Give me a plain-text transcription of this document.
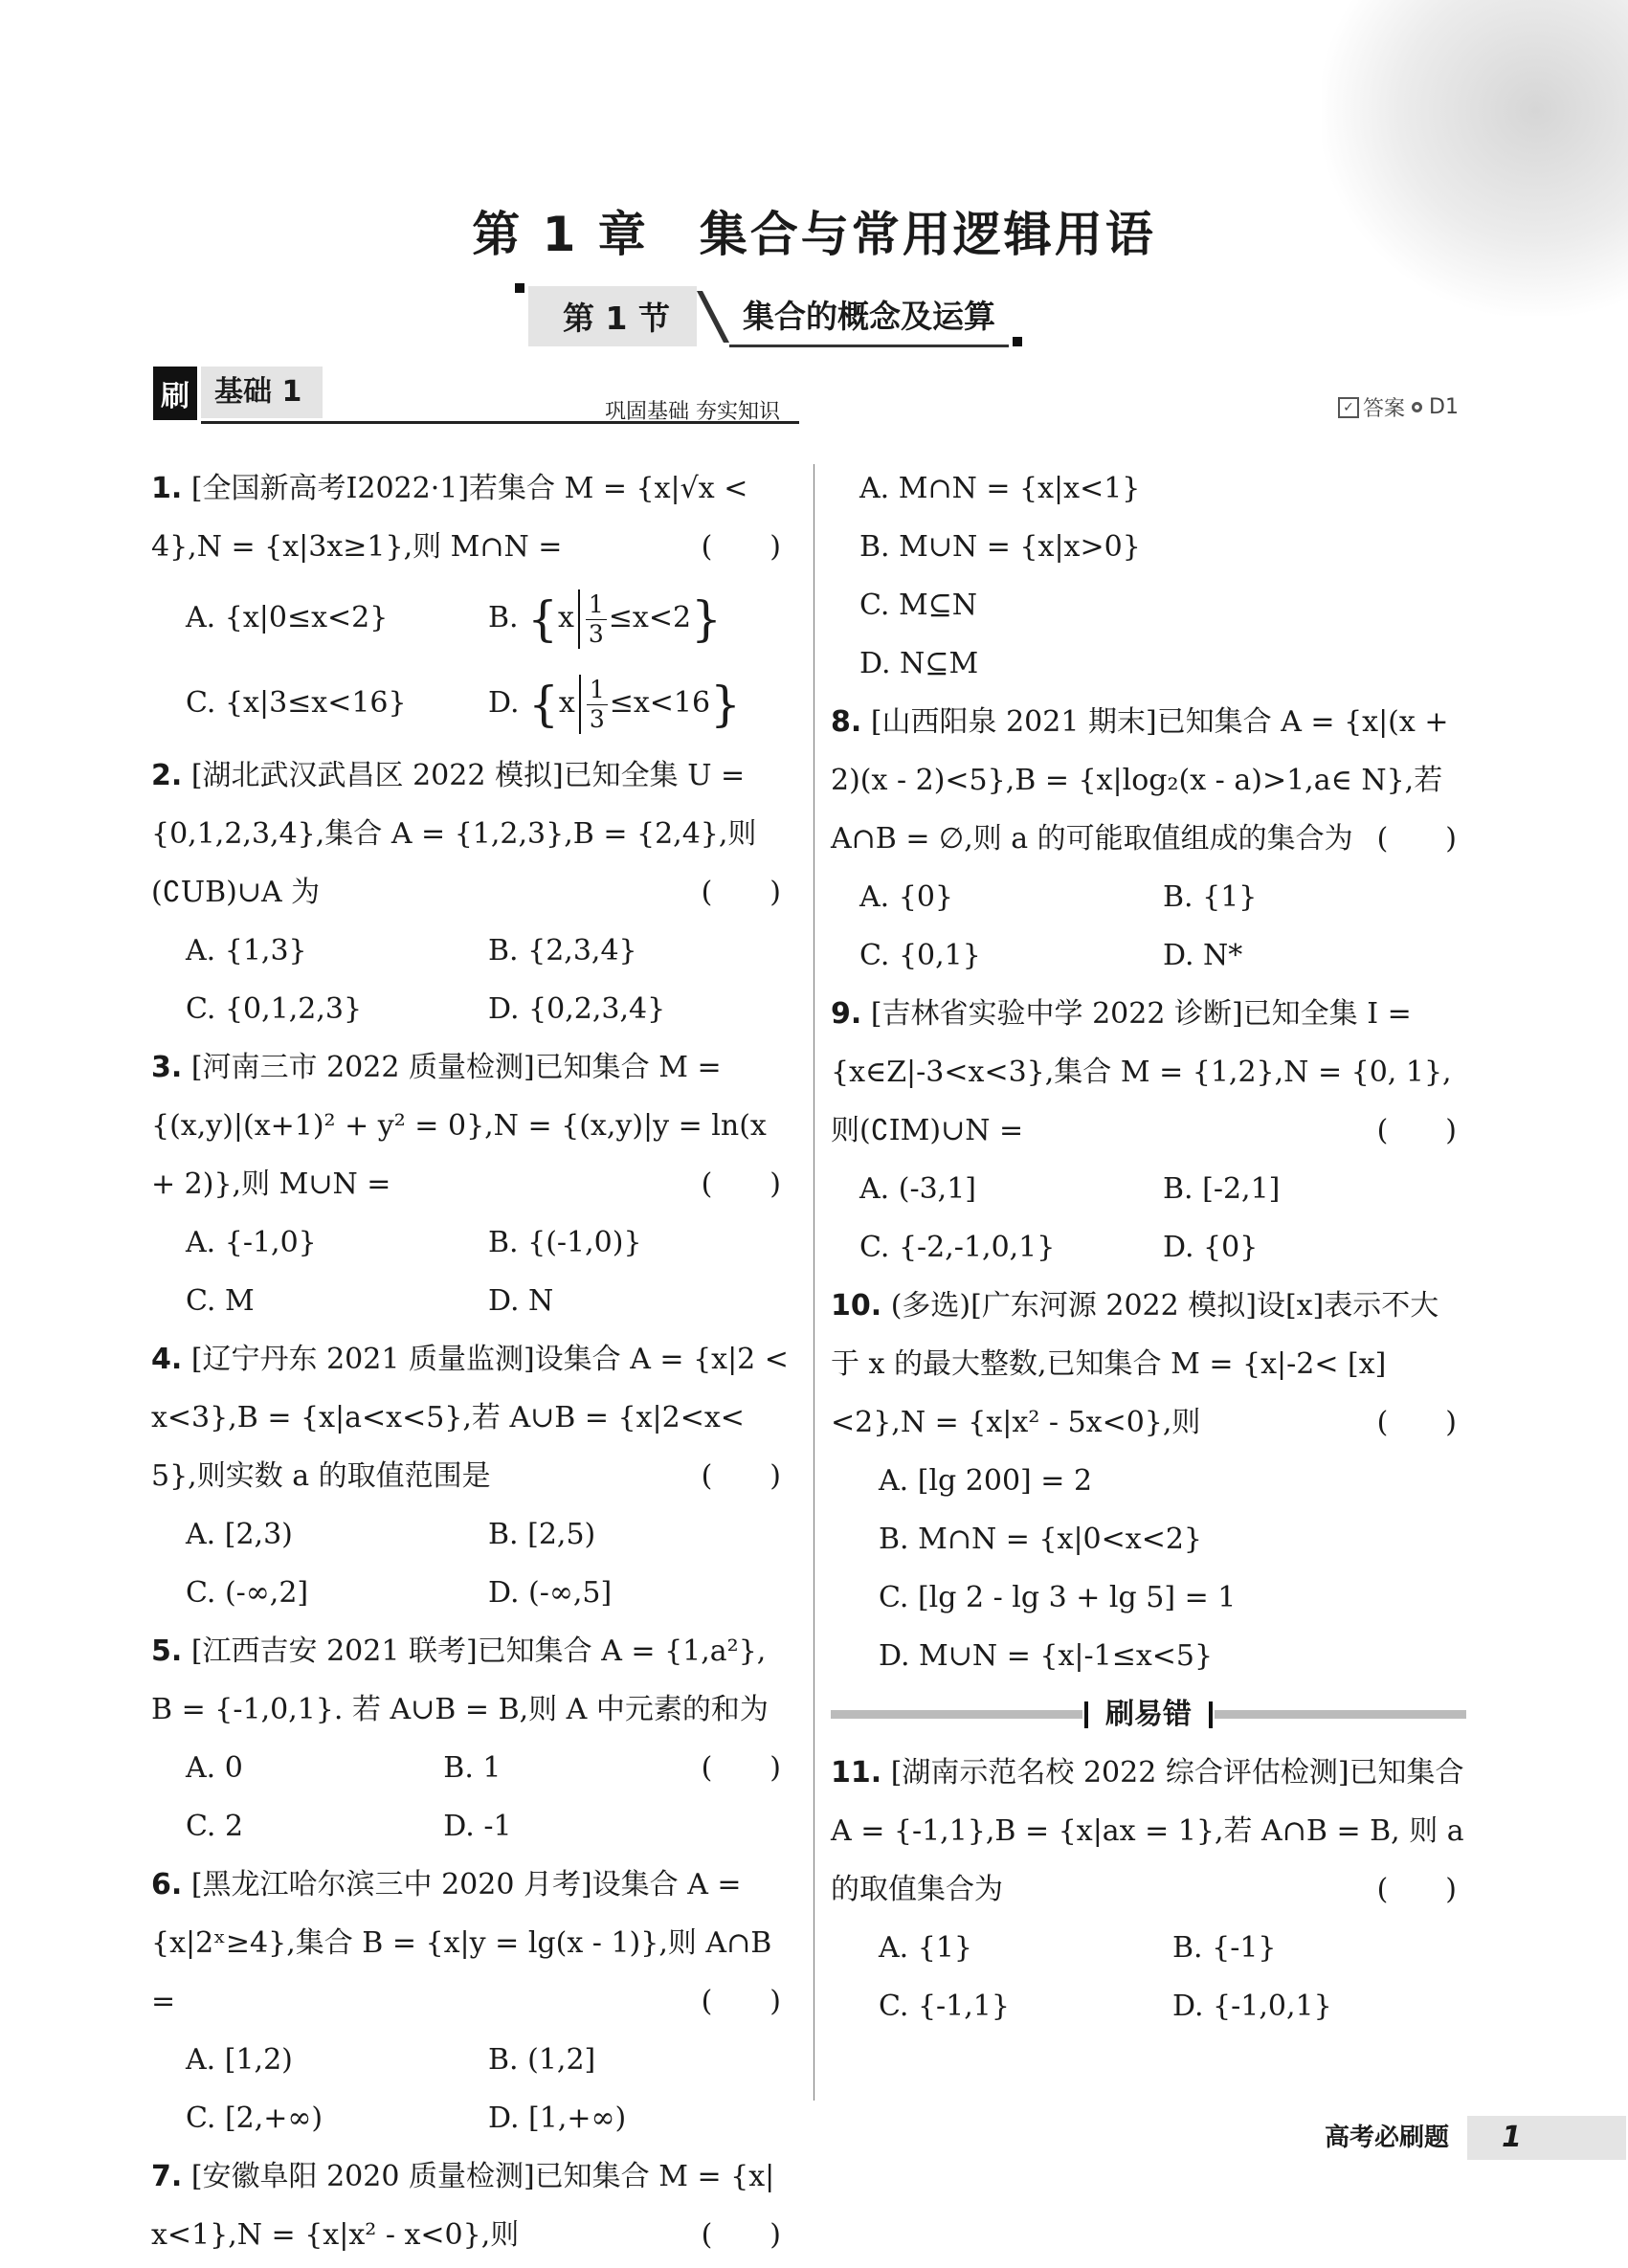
第 1 章　集合与常用逻辑用语
第 1 节	集合的概念及运算
刷 基础 1
巩固基础 夯实知识	✓ 答案 D1
1. [全国新高考Ⅰ2022·1]若集合 M = {x|√x < 4},N = {x|3x≥1},则 M∩N =	(　　)
A. {x|0≤x<2}	B. $\{x \frac{1}{3} \le x<2\}$
C. {x|3≤x<16}	D. $\{x \frac{1}{3} \le x<16\}$
2. [湖北武汉武昌区 2022 模拟]已知全集 U = {0,1,2,3,4},集合 A = {1,2,3},B = {2,4},则 (∁UB)∪A 为	(　　)
A. {1,3}	B. {2,3,4}
C. {0,1,2,3}	D. {0,2,3,4}
3. [河南三市 2022 质量检测]已知集合 M = {(x,y)|(x+1)² + y² = 0},N = {(x,y)|y = ln(x + 2)},则 M∪N =	(　　)
A. {-1,0}	B. {(-1,0)}
C. M	D. N
4. [辽宁丹东 2021 质量监测]设集合 A = {x|2 < x<3},B = {x|a<x<5},若 A∪B = {x|2<x< 5},则实数 a 的取值范围是	(　　)
A. [2,3)	B. [2,5)
C. (-∞,2]	D. (-∞,5]
5. [江西吉安 2021 联考]已知集合 A = {1,a²}, B = {-1,0,1}. 若 A∪B = B,则 A 中元素的和为
(　　)
A. 0	B. 1
C. 2	D. -1
6. [黑龙江哈尔滨三中 2020 月考]设集合 A = {x|2ˣ≥4},集合 B = {x|y = lg(x - 1)},则 A∩B =	(　　)
A. [1,2)	B. (1,2]
C. [2,+∞)	D. [1,+∞)
7. [安徽阜阳 2020 质量检测]已知集合 M = {x| x<1},N = {x|x² - x<0},则	(　　)
A. M∩N = {x|x<1}
B. M∪N = {x|x>0}
C. M⊆N
D. N⊆M
8. [山西阳泉 2021 期末]已知集合 A = {x|(x + 2)(x - 2)<5},B = {x|log₂(x - a)>1,a∈ N},若 A∩B = ∅,则 a 的可能取值组成的集合为 (　　)
A. {0}	B. {1}
C. {0,1}	D. N*
9. [吉林省实验中学 2022 诊断]已知全集 I = {x∈Z|-3<x<3},集合 M = {1,2},N = {0, 1},则(∁IM)∪N =	(　　)
A. (-3,1]	B. [-2,1]
C. {-2,-1,0,1}	D. {0}
10. (多选)[广东河源 2022 模拟]设[x]表示不大于 x 的最大整数,已知集合 M = {x|-2< [x]<2},N = {x|x² - 5x<0},则	(　　)
A. [lg 200] = 2
B. M∩N = {x|0<x<2}
C. [lg 2 - lg 3 + lg 5] = 1
D. M∪N = {x|-1≤x<5}
刷易错
11. [湖南示范名校 2022 综合评估检测]已知集合 A = {-1,1},B = {x|ax = 1},若 A∩B = B, 则 a 的取值集合为	(　　)
A. {1}	B. {-1}
C. {-1,1}	D. {-1,0,1}
高考必刷题	1
